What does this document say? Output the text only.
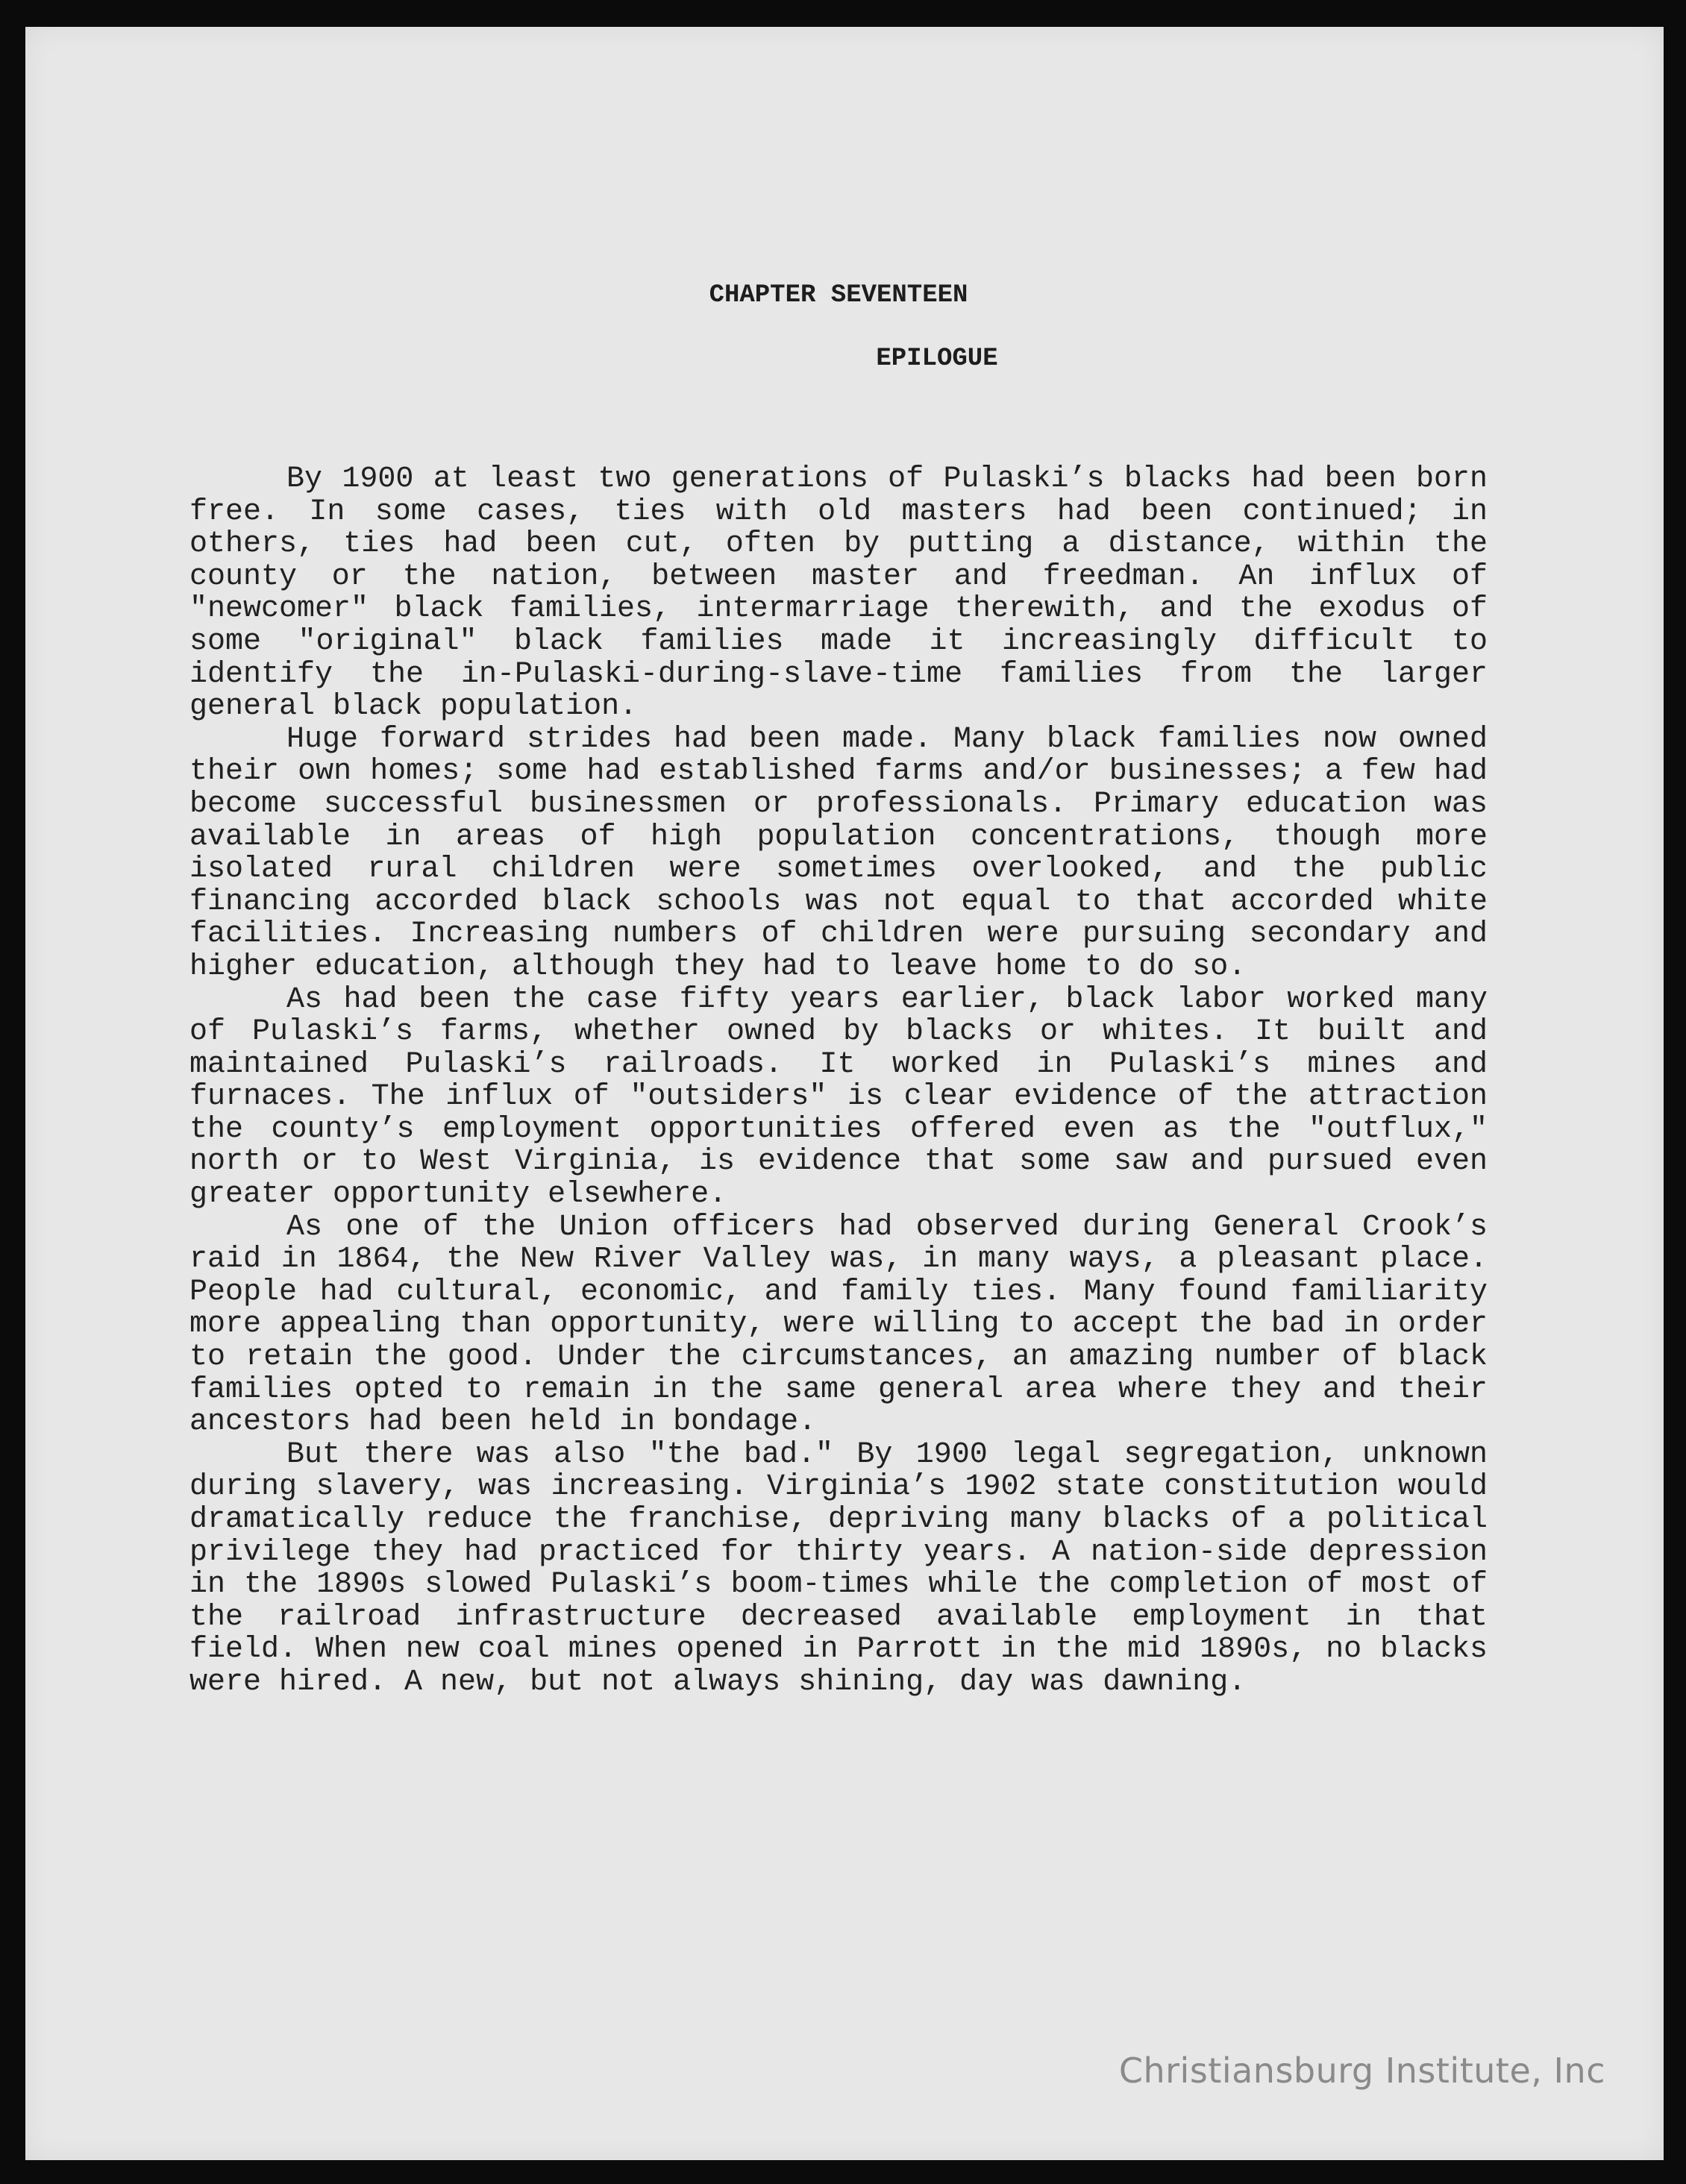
CHAPTER SEVENTEEN
EPILOGUE

By 1900 at least two generations of Pulaski’s blacks had been born free. In some cases, ties with old masters had been continued; in others, ties had been cut, often by putting a distance, within the county or the nation, between master and freedman. An influx of "newcomer" black families, intermarriage therewith, and the exodus of some "original" black families made it increasingly difficult to identify the in-Pulaski-during-slave-time families from the larger general black population.

Huge forward strides had been made. Many black families now owned their own homes; some had established farms and/or businesses; a few had become successful businessmen or professionals. Primary education was available in areas of high population concentrations, though more isolated rural children were sometimes overlooked, and the public financing accorded black schools was not equal to that accorded white facilities. Increasing numbers of children were pursuing secondary and higher education, although they had to leave home to do so.

As had been the case fifty years earlier, black labor worked many of Pulaski’s farms, whether owned by blacks or whites. It built and maintained Pulaski’s railroads. It worked in Pulaski’s mines and furnaces. The influx of "outsiders" is clear evidence of the attraction the county’s employment opportunities offered even as the "outflux," north or to West Virginia, is evidence that some saw and pursued even greater opportunity elsewhere.

As one of the Union officers had observed during General Crook’s raid in 1864, the New River Valley was, in many ways, a pleasant place. People had cultural, economic, and family ties. Many found familiarity more appealing than opportunity, were willing to accept the bad in order to retain the good. Under the circumstances, an amazing number of black families opted to remain in the same general area where they and their ancestors had been held in bondage.

But there was also "the bad." By 1900 legal segregation, unknown during slavery, was increasing. Virginia’s 1902 state constitution would dramatically reduce the franchise, depriving many blacks of a political privilege they had practiced for thirty years. A nation-side depression in the 1890s slowed Pulaski’s boom-times while the completion of most of the railroad infrastructure decreased available employment in that field. When new coal mines opened in Parrott in the mid 1890s, no blacks were hired. A new, but not always shining, day was dawning.

Christiansburg Institute, Inc
